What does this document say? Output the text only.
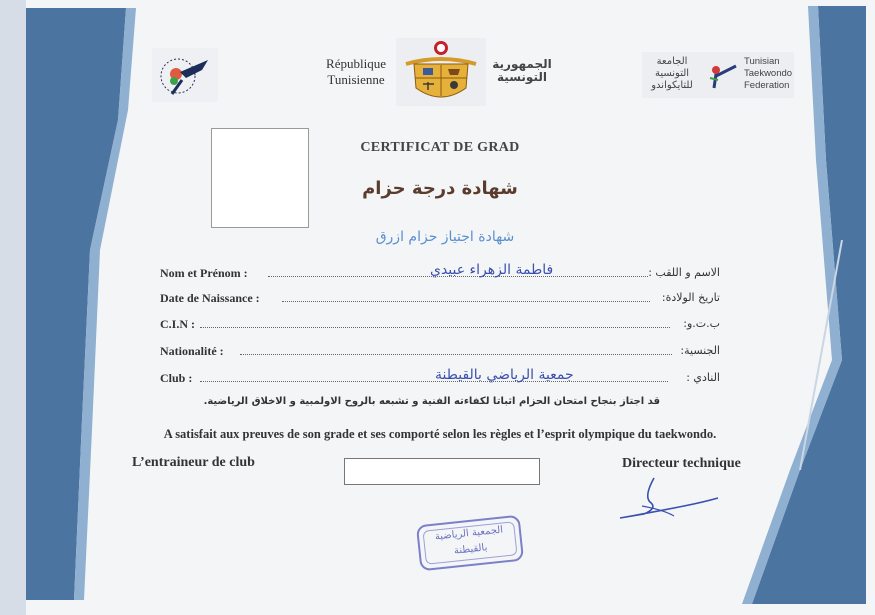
République
Tunisienne
الجمهورية
التونسية
الجامعة
التونسية
للتايكواندو
Tunisian
Taekwondo
Federation
CERTIFICAT DE GRAD
شهادة درجة حزام
شهادة اجتياز حزام ازرق
Nom et Prénom :	فاطمة الزهراء عبيدي	الاسم و اللقب :
Date de Naissance :	تاريخ الولادة:
C.I.N :	ب.ت.و:
Nationalité :	الجنسية:
Club :	جمعية الرياضي بالقيطنة	النادي :
قد اجتاز بنجاح امتحان الحزام اثباتا لكفاءته الفنية و تشبعه بالروح الاولمبية و الاخلاق الرياضية.
A satisfait aux preuves de son grade et ses comporté selon les règles et l’esprit olympique du taekwondo.
L’entraineur de club	Directeur technique
الجمعية الرياضية
بالقيطنة
